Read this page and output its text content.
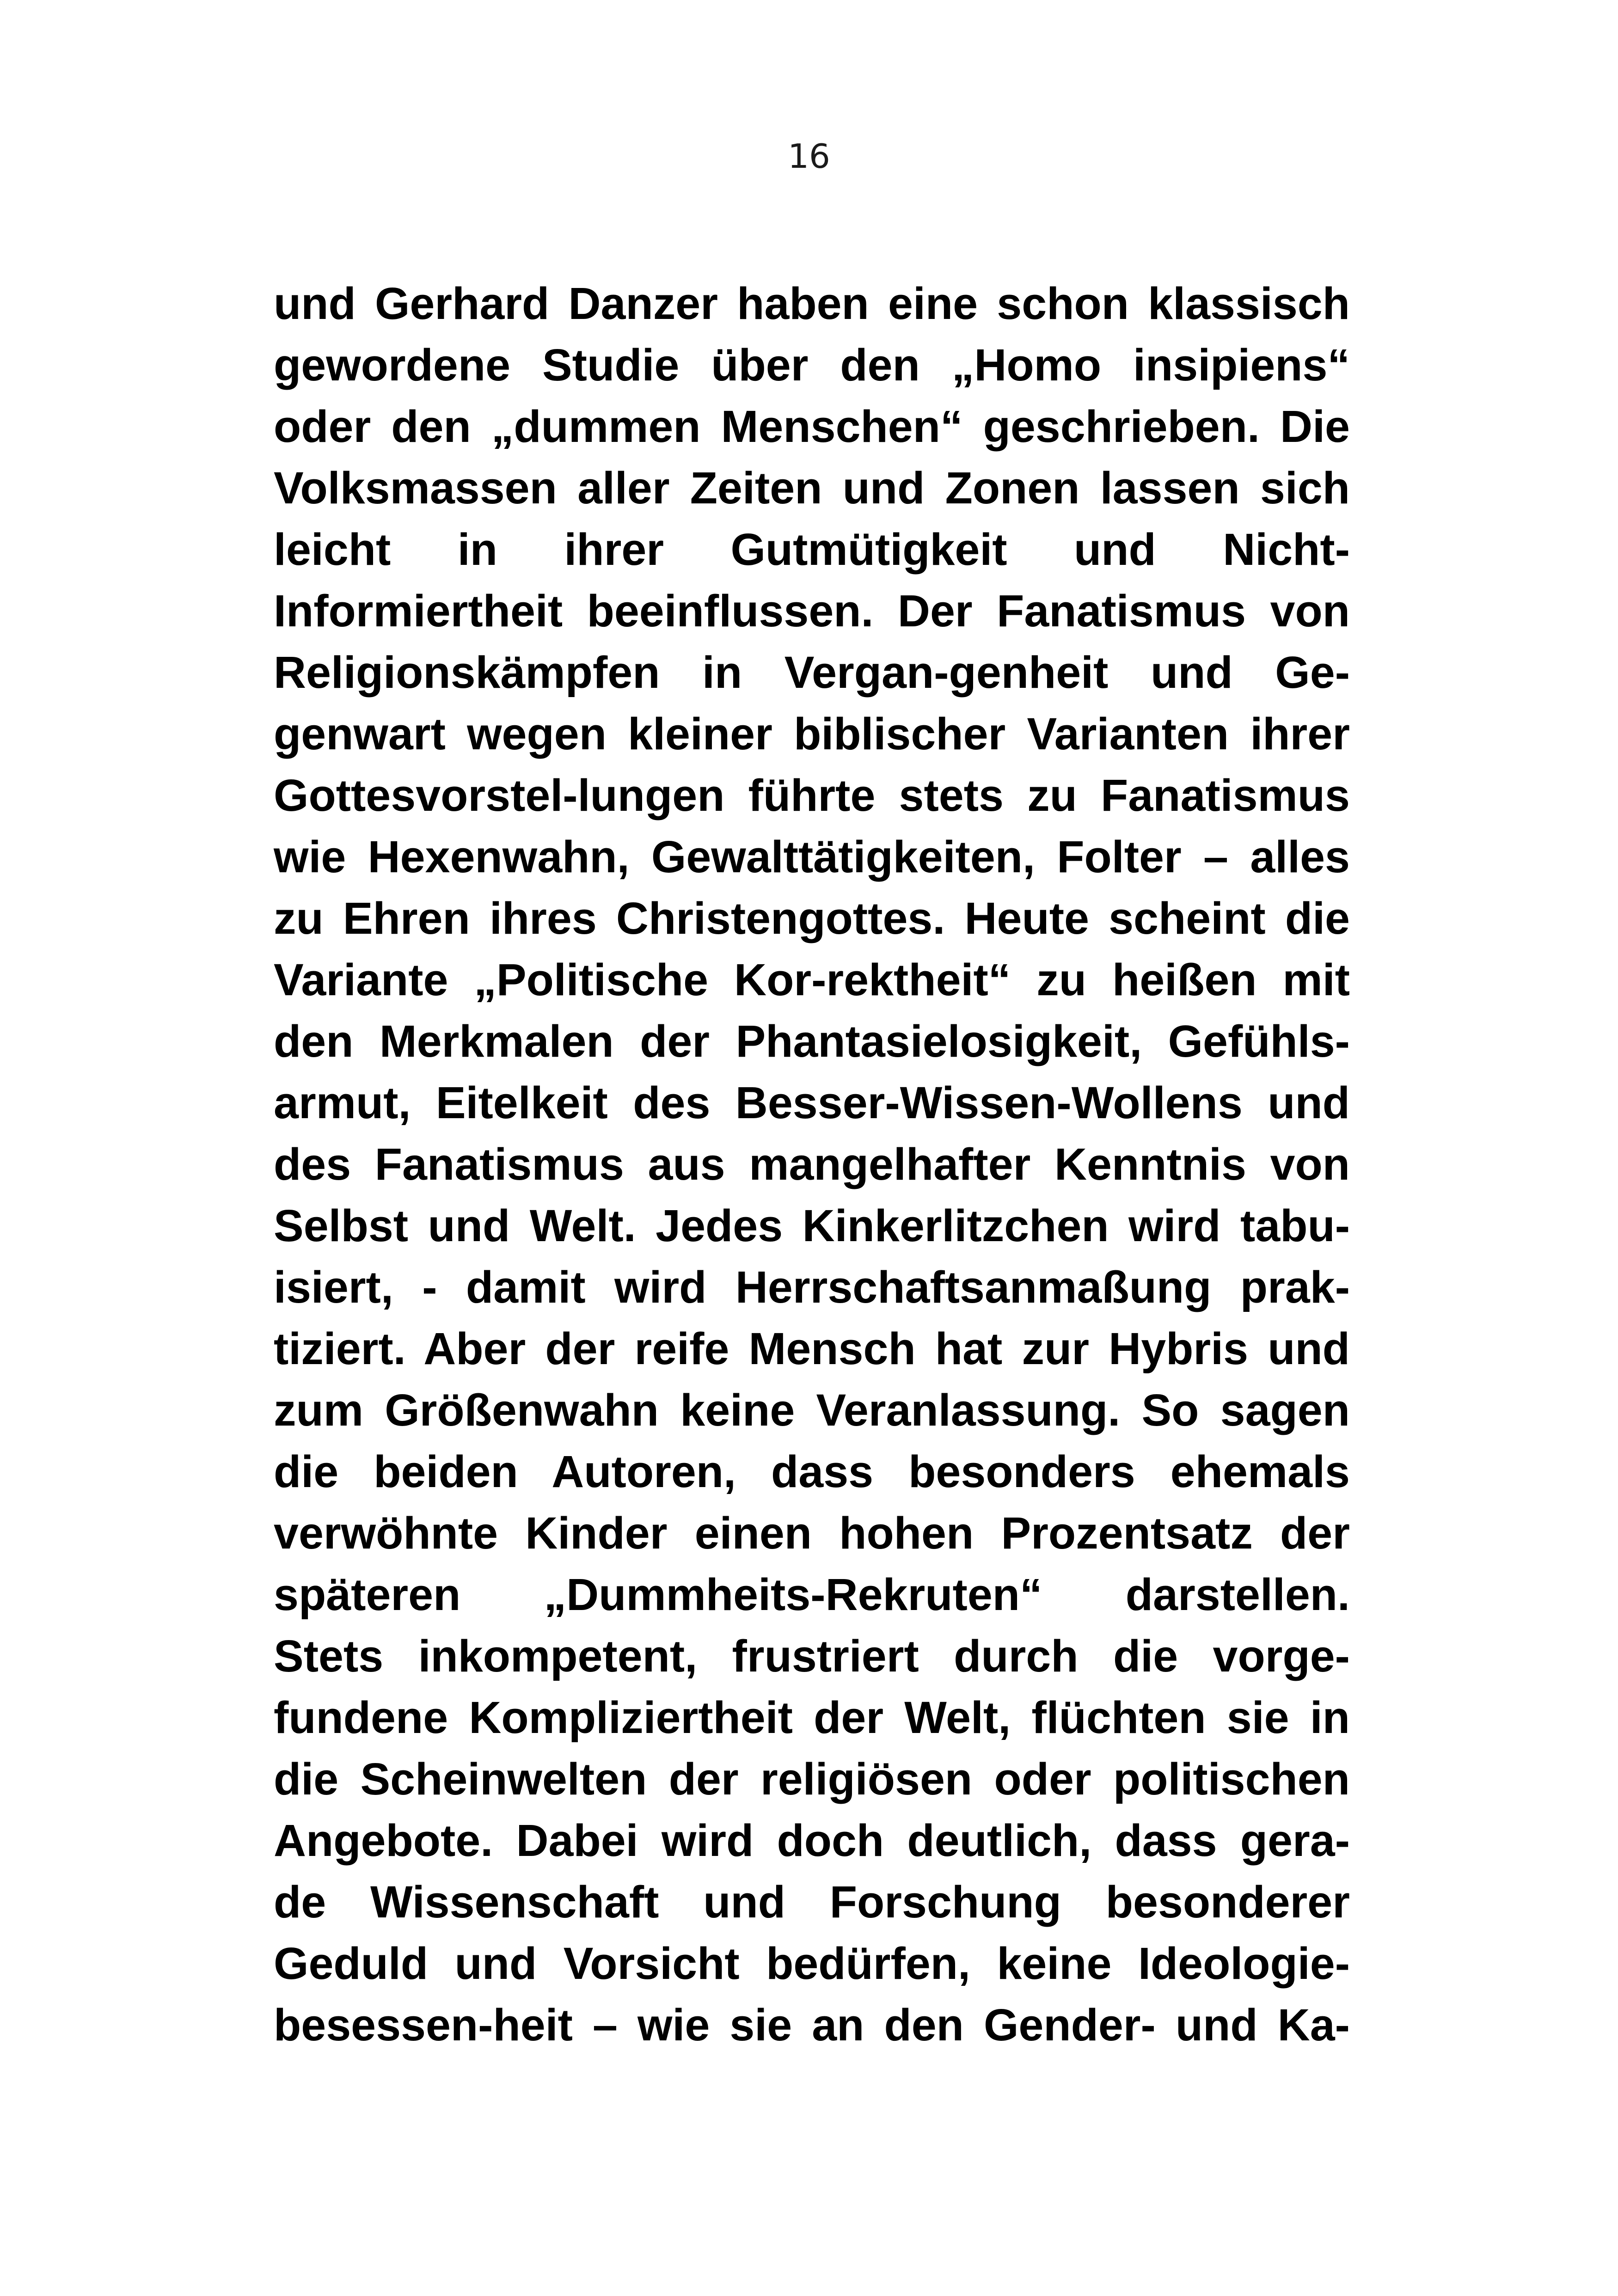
16
und Gerhard Danzer haben eine schon klassisch
gewordene Studie über den „Homo insipiens“
oder den „dummen Menschen“ geschrieben. Die
Volksmassen aller Zeiten und Zonen lassen sich
leicht in ihrer Gutmütigkeit und Nicht-
Informiertheit beeinflussen. Der Fanatismus von
Religionskämpfen in Vergan-genheit und Ge-
genwart wegen kleiner biblischer Varianten ihrer
Gottesvorstel-lungen führte stets zu Fanatismus
wie Hexenwahn, Gewalttätigkeiten, Folter – alles
zu Ehren ihres Christengottes. Heute scheint die
Variante „Politische Kor-rektheit“ zu heißen mit
den Merkmalen der Phantasielosigkeit, Gefühls-
armut, Eitelkeit des Besser-Wissen-Wollens und
des Fanatismus aus mangelhafter Kenntnis von
Selbst und Welt. Jedes Kinkerlitzchen wird tabu-
isiert, - damit wird Herrschaftsanmaßung prak-
tiziert. Aber der reife Mensch hat zur Hybris und
zum Größenwahn keine Veranlassung. So sagen
die beiden Autoren, dass besonders ehemals
verwöhnte Kinder einen hohen Prozentsatz der
späteren „Dummheits-Rekruten“ darstellen.
Stets inkompetent, frustriert durch die vorge-
fundene Kompliziertheit der Welt, flüchten sie in
die Scheinwelten der religiösen oder politischen
Angebote. Dabei wird doch deutlich, dass gera-
de Wissenschaft und Forschung besonderer
Geduld und Vorsicht bedürfen, keine Ideologie-
besessen-heit – wie sie an den Gender- und Ka-
